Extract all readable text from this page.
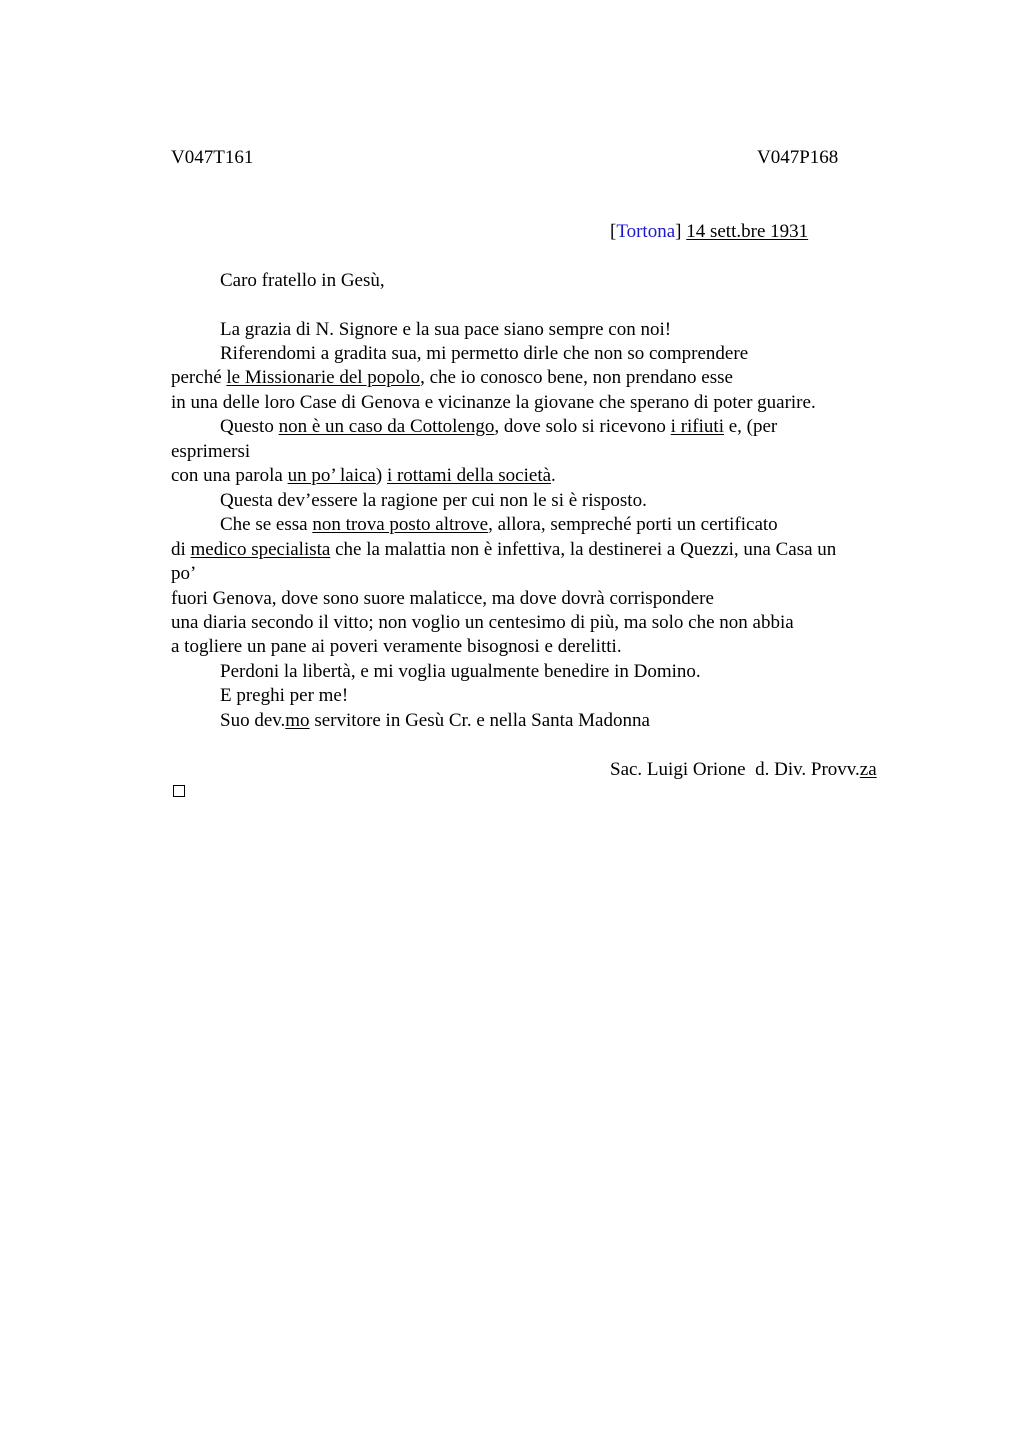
V047T161	V047P168
[Tortona] 14 sett.bre 1931
Caro fratello in Gesù,
La grazia di N. Signore e la sua pace siano sempre con noi!
Riferendomi a gradita sua, mi permetto dirle che non so comprendere
perché le Missionarie del popolo, che io conosco bene, non prendano esse
in una delle loro Case di Genova e vicinanze la giovane che sperano di poter guarire.
Questo non è un caso da Cottolengo, dove solo si ricevono i rifiuti e, (per
esprimersi
con una parola un po’ laica) i rottami della società.
Questa dev’essere la ragione per cui non le si è risposto.
Che se essa non trova posto altrove, allora, sempreché porti un certificato
di medico specialista che la malattia non è infettiva, la destinerei a Quezzi, una Casa un
po’
fuori Genova, dove sono suore malaticce, ma dove dovrà corrispondere
una diaria secondo il vitto; non voglio un centesimo di più, ma solo che non abbia
a togliere un pane ai poveri veramente bisognosi e derelitti.
Perdoni la libertà, e mi voglia ugualmente benedire in Domino.
E preghi per me!
Suo dev.mo servitore in Gesù Cr. e nella Santa Madonna
Sac. Luigi Orione  d. Div. Provv.za
